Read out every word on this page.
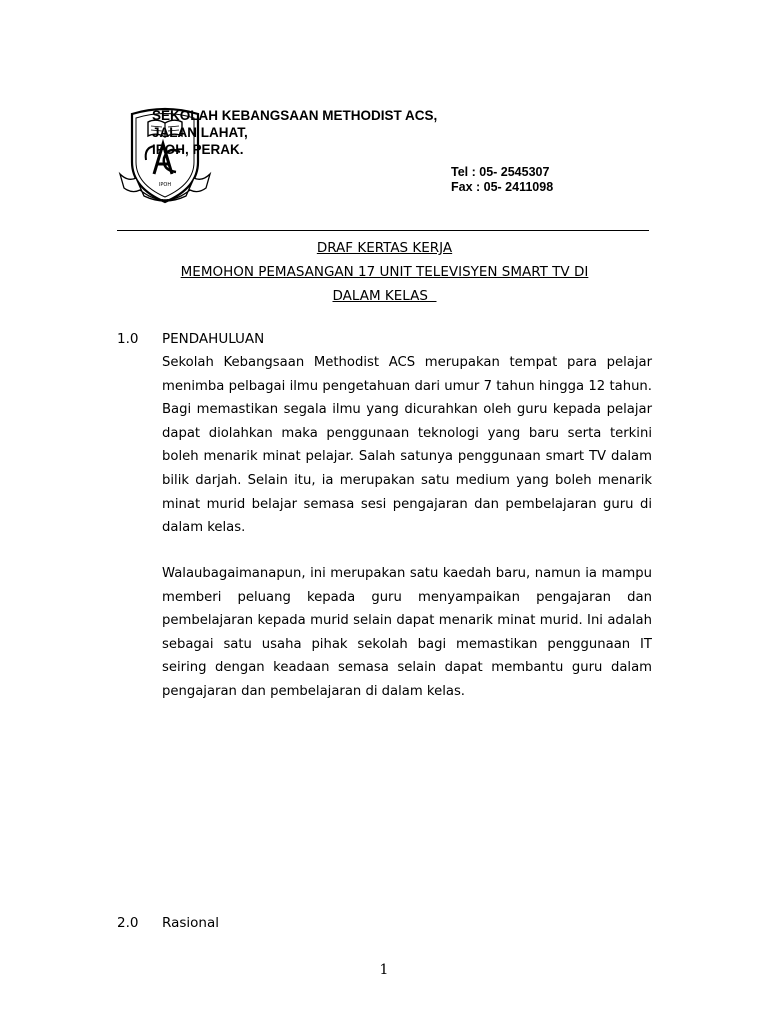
IPOH
SEKOLAH KEBANGSAAN METHODIST ACS,
JALAN LAHAT,
IPOH, PERAK.
Tel : 05- 2545307
Fax : 05- 2411098
DRAF KERTAS KERJA
MEMOHON PEMASANGAN 17 UNIT TELEVISYEN SMART TV DI
DALAM KELAS
1.0 PENDAHULUAN
Sekolah Kebangsaan Methodist ACS merupakan tempat para pelajar menimba pelbagai ilmu pengetahuan dari umur 7 tahun hingga 12 tahun. Bagi memastikan segala ilmu yang dicurahkan oleh guru kepada pelajar dapat diolahkan maka penggunaan teknologi yang baru serta terkini boleh menarik minat pelajar. Salah satunya penggunaan smart TV dalam bilik darjah. Selain itu, ia merupakan satu medium yang boleh menarik minat murid belajar semasa sesi pengajaran dan pembelajaran guru di dalam kelas.
Walaubagaimanapun, ini merupakan satu kaedah baru, namun ia mampu memberi peluang kepada guru menyampaikan pengajaran dan pembelajaran kepada murid selain dapat menarik minat murid. Ini adalah sebagai satu usaha pihak sekolah bagi memastikan penggunaan IT seiring dengan keadaan semasa selain dapat membantu guru dalam pengajaran dan pembelajaran di dalam kelas.
2.0 Rasional
1
